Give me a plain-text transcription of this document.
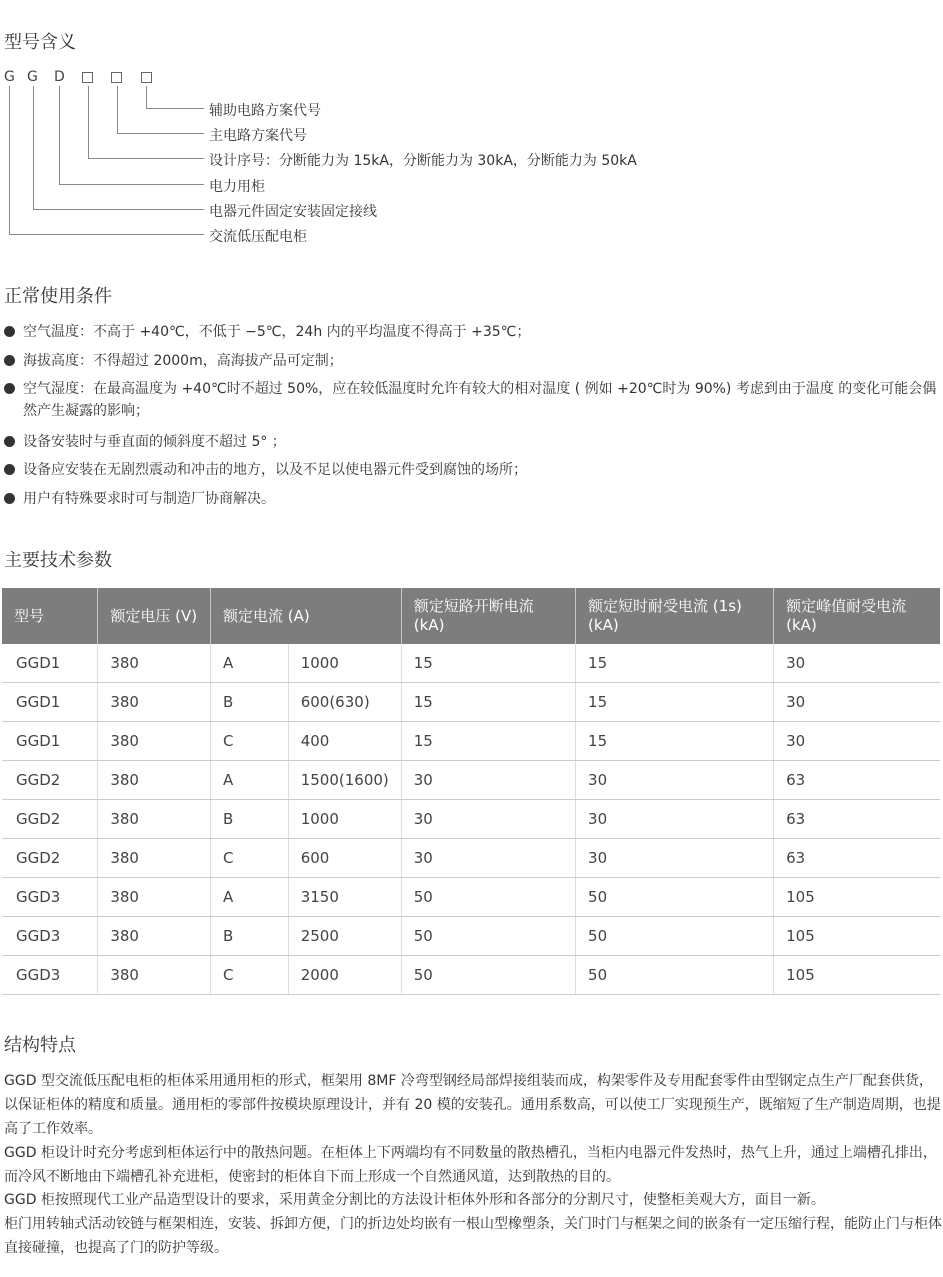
型号含义
G G D
辅助电路方案代号
主电路方案代号
设计序号：分断能力为 15kA，分断能力为 30kA，分断能力为 50kA
电力用柜
电器元件固定安装固定接线
交流低压配电柜
正常使用条件
空气温度：不高于 +40℃，不低于 −5℃，24h 内的平均温度不得高于 +35℃；
海拔高度：不得超过 2000m，高海拔产品可定制；
空气湿度：在最高温度为 +40℃时不超过 50%，应在较低温度时允许有较大的相对温度 ( 例如 +20℃时为 90%) 考虑到由于温度 的变化可能会偶然产生凝露的影响；
设备安装时与垂直面的倾斜度不超过 5° ；
设备应安装在无剧烈震动和冲击的地方，以及不足以使电器元件受到腐蚀的场所；
用户有特殊要求时可与制造厂协商解决。
主要技术参数
型号	额定电压 (V)	额定电流 (A)		额定短路开断电流 (kA)	额定短时耐受电流 (1s) (kA)	额定峰值耐受电流 (kA)
GGD1	380	A	1000	15	15	30
GGD1	380	B	600(630)	15	15	30
GGD1	380	C	400	15	15	30
GGD2	380	A	1500(1600)	30	30	63
GGD2	380	B	1000	30	30	63
GGD2	380	C	600	30	30	63
GGD3	380	A	3150	50	50	105
GGD3	380	B	2500	50	50	105
GGD3	380	C	2000	50	50	105
结构特点
GGD 型交流低压配电柜的柜体采用通用柜的形式，框架用 8MF 冷弯型钢经局部焊接组装而成，构架零件及专用配套零件由型钢定点生产厂配套供货，以保证柜体的精度和质量。通用柜的零部件按模块原理设计，并有 20 模的安装孔。通用系数高，可以使工厂实现预生产，既缩短了生产制造周期，也提高了工作效率。
GGD 柜设计时充分考虑到柜体运行中的散热问题。在柜体上下两端均有不同数量的散热槽孔，当柜内电器元件发热时，热气上升，通过上端槽孔排出，而冷风不断地由下端槽孔补充进柜，使密封的柜体自下而上形成一个自然通风道，达到散热的目的。
GGD 柜按照现代工业产品造型设计的要求，采用黄金分割比的方法设计柜体外形和各部分的分割尺寸，使整柜美观大方，面目一新。
柜门用转轴式活动铰链与框架相连，安装、拆卸方便，门的折边处均嵌有一根山型橡塑条，关门时门与框架之间的嵌条有一定压缩行程，能防止门与柜体直接碰撞，也提高了门的防护等级。
